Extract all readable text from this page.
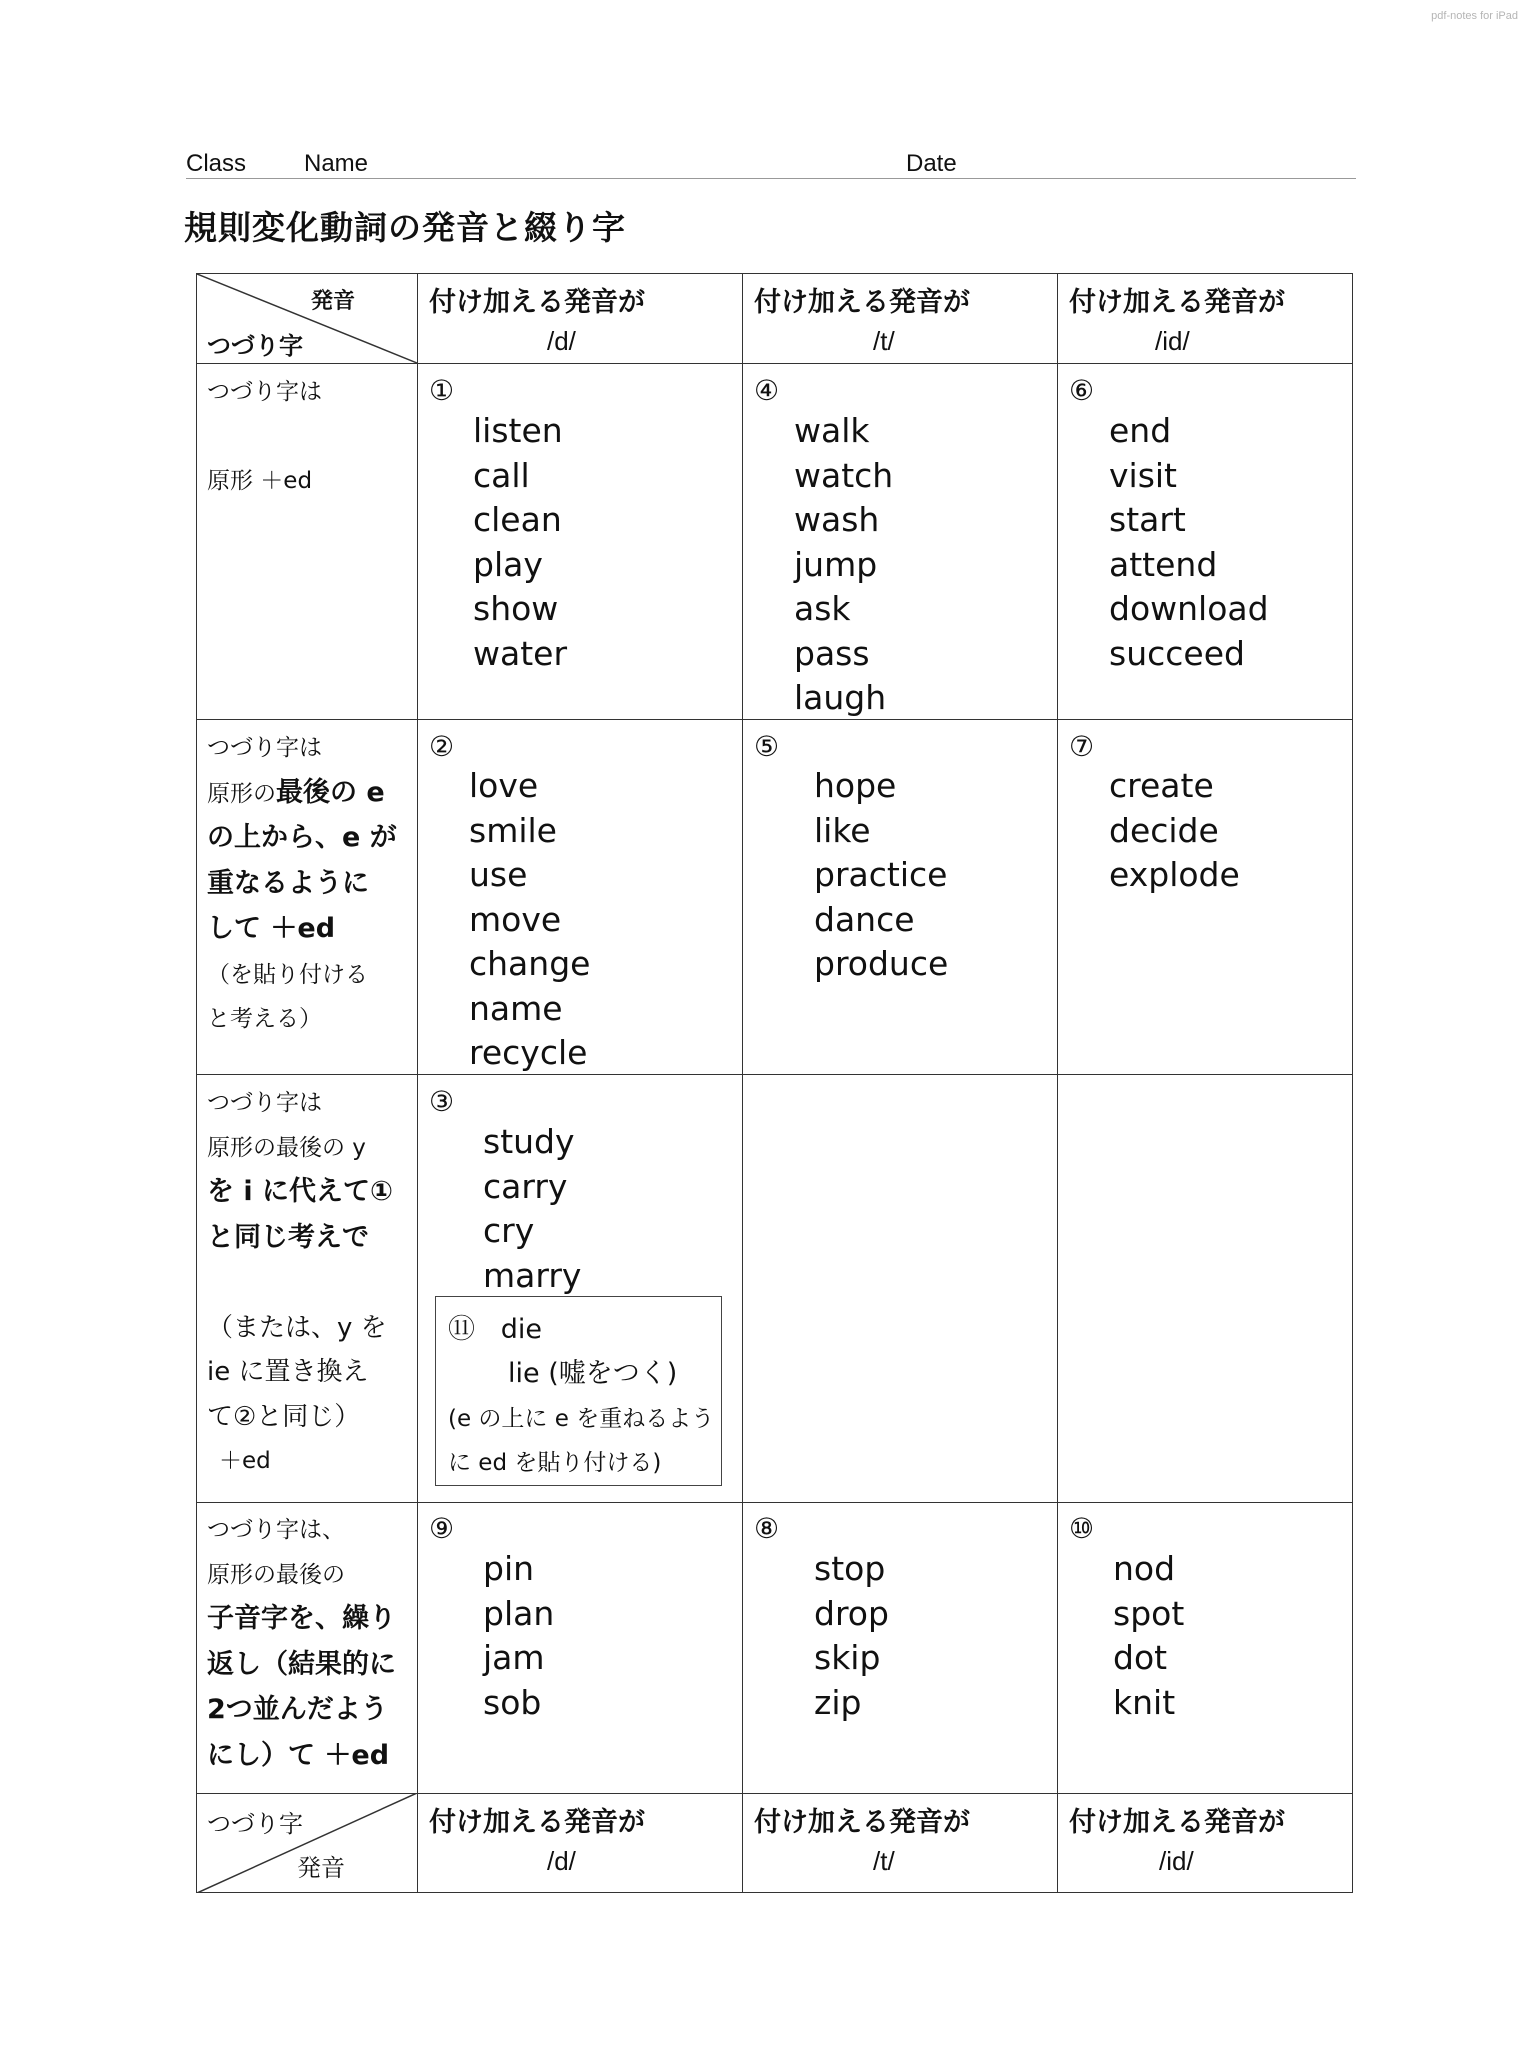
pdf-notes for iPad
Class Name	Date
規則変化動詞の発音と綴り字
発音
つづり字
付け加える発音が
/d/
付け加える発音が
/t/
付け加える発音が
/id/
つづり字は

原形 ＋ed
①
listen
call
clean
play
show
water
④
walk
watch
wash
jump
ask
pass
laugh
⑥
end
visit
start
attend
download
succeed
つづり字は
原形の最後の e
の上から、e が
重なるように
して ＋ed
（を貼り付ける
と考える）
②
love
smile
use
move
change
name
recycle
⑤
hope
like
practice
dance
produce
⑦
create
decide
explode
つづり字は
原形の最後の y
を i に代えて①
と同じ考えで

（または、y を
ie に置き換え
て②と同じ）
＋ed
③
study
carry
cry
marry
⑪ die
lie (嘘をつく)
(e の上に e を重ねるように ed を貼り付ける)
つづり字は、
原形の最後の
子音字を、繰り
返し（結果的に
2つ並んだよう
にし）て ＋ed
⑨
pin
plan
jam
sob
⑧
stop
drop
skip
zip
⑩
nod
spot
dot
knit
つづり字
発音
付け加える発音が
/d/
付け加える発音が
/t/
付け加える発音が
/id/
